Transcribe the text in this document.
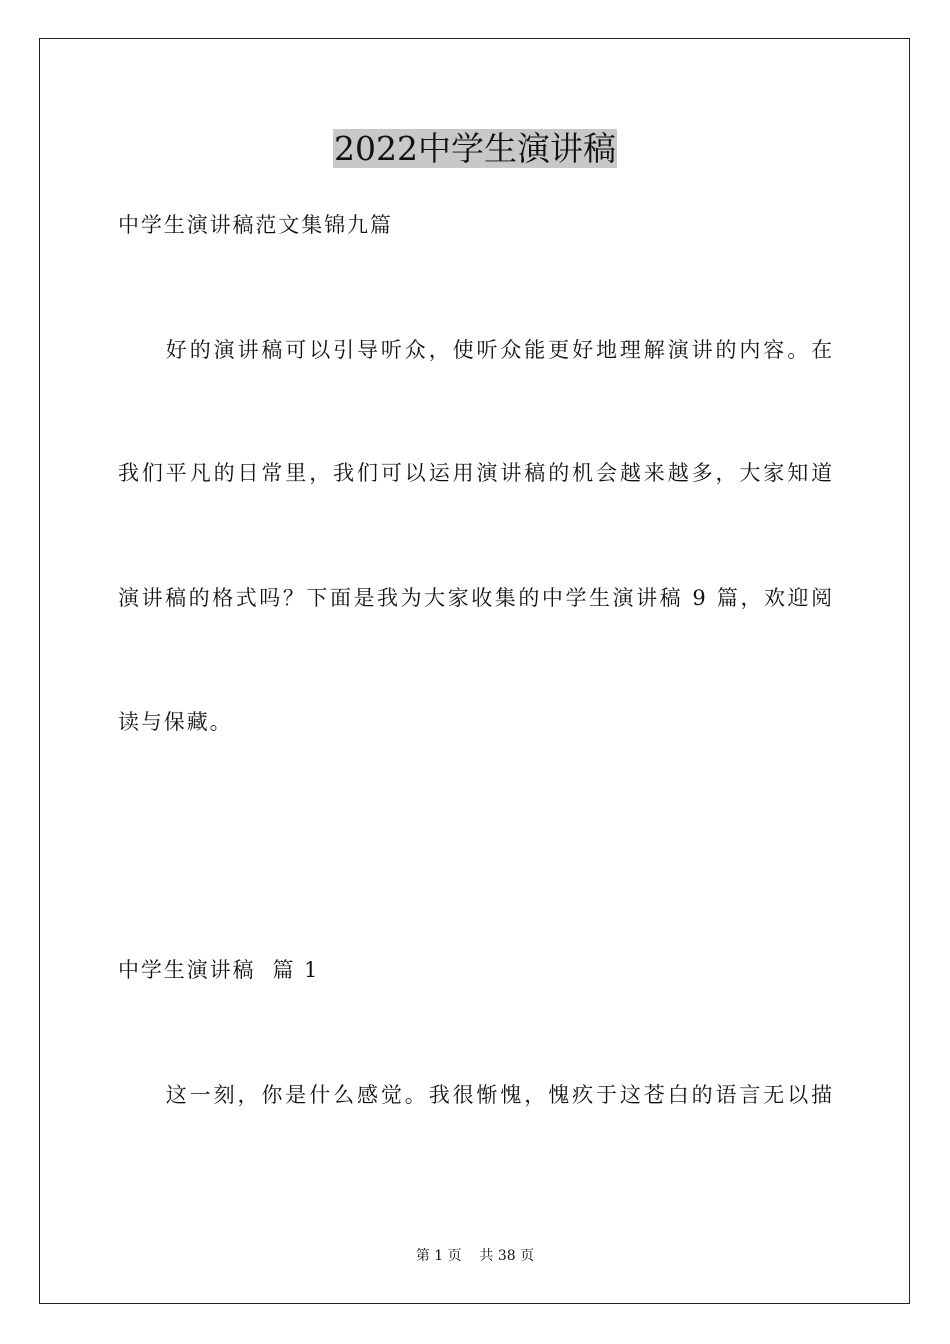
2022中学生演讲稿
中学生演讲稿范文集锦九篇
　　好的演讲稿可以引导听众，使听众能更好地理解演讲的内容。在
我们平凡的日常里，我们可以运用演讲稿的机会越来越多，大家知道
演讲稿的格式吗？下面是我为大家收集的中学生演讲稿 9 篇，欢迎阅
读与保藏。
中学生演讲稿  篇 1
　　这一刻，你是什么感觉。我很惭愧，愧疚于这苍白的语言无以描
第 1 页    共 38 页
